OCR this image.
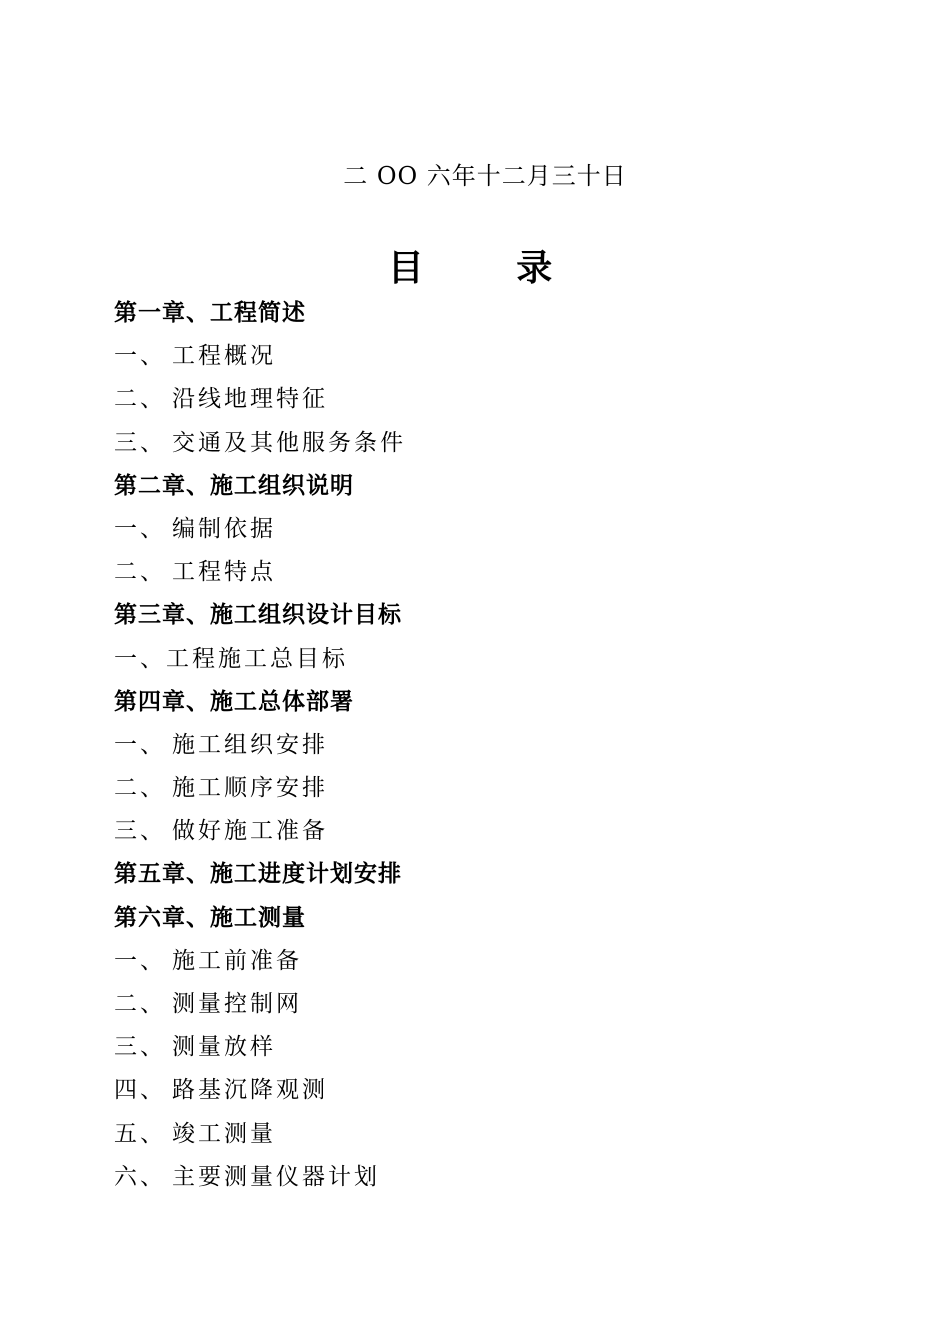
二 OO 六年十二月三十日
目 录
第一章、工程简述
一、 工程概况
二、 沿线地理特征
三、 交通及其他服务条件
第二章、施工组织说明
一、 编制依据
二、 工程特点
第三章、施工组织设计目标
一、工程施工总目标
第四章、施工总体部署
一、 施工组织安排
二、 施工顺序安排
三、 做好施工准备
第五章、施工进度计划安排
第六章、施工测量
一、 施工前准备
二、 测量控制网
三、 测量放样
四、 路基沉降观测
五、 竣工测量
六、 主要测量仪器计划
